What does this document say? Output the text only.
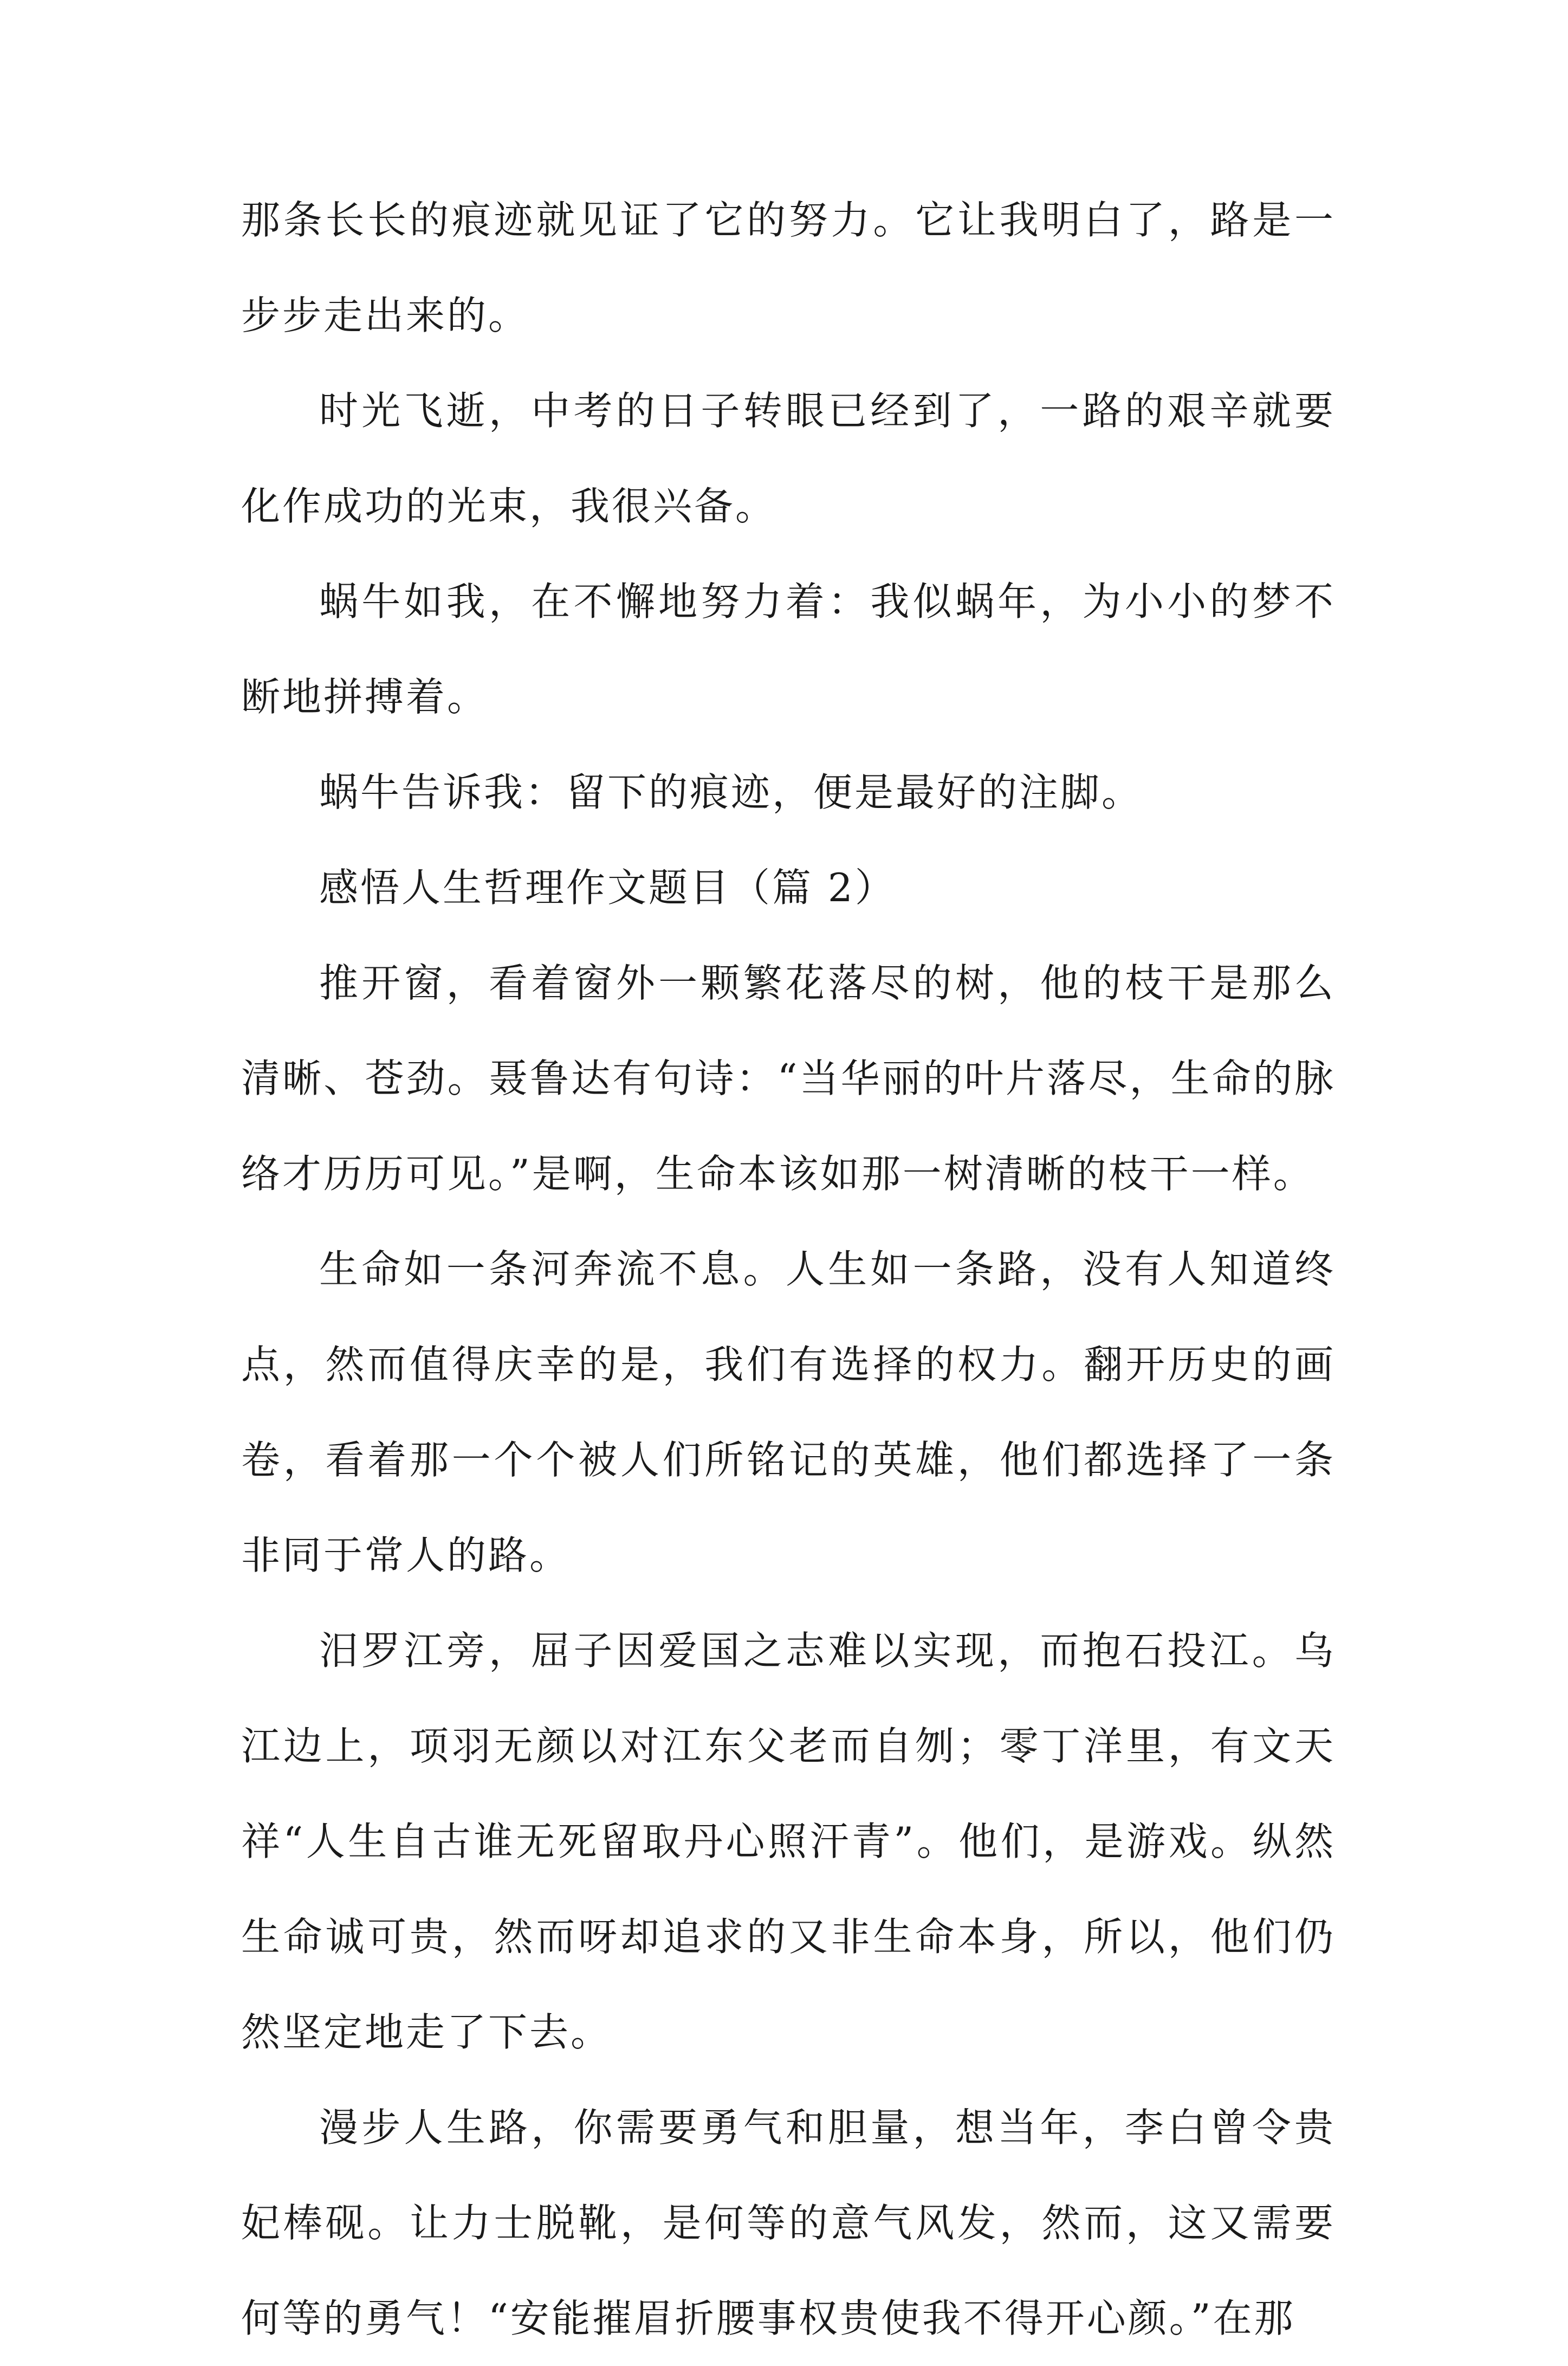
那条长长的痕迹就见证了它的努力。它让我明白了，路是一步步走出来的。

时光飞逝，中考的日子转眼已经到了，一路的艰辛就要化作成功的光束，我很兴备。

蜗牛如我，在不懈地努力着：我似蜗年，为小小的梦不断地拼搏着。

蜗牛告诉我：留下的痕迹，便是最好的注脚。

感悟人生哲理作文题目（篇 2）

推开窗，看着窗外一颗繁花落尽的树，他的枝干是那么清晰、苍劲。聂鲁达有句诗：“当华丽的叶片落尽，生命的脉络才历历可见。”是啊，生命本该如那一树清晰的枝干一样。

生命如一条河奔流不息。人生如一条路，没有人知道终点，然而值得庆幸的是，我们有选择的权力。翻开历史的画卷，看着那一个个被人们所铭记的英雄，他们都选择了一条非同于常人的路。

汨罗江旁，屈子因爱国之志难以实现，而抱石投江。乌江边上，项羽无颜以对江东父老而自刎；零丁洋里，有文天祥“人生自古谁无死留取丹心照汗青”。他们，是游戏。纵然生命诚可贵，然而呀却追求的又非生命本身，所以，他们仍然坚定地走了下去。

漫步人生路，你需要勇气和胆量，想当年，李白曾令贵妃棒砚。让力士脱靴，是何等的意气风发，然而，这又需要何等的勇气！“安能摧眉折腰事权贵使我不得开心颜。”在那
